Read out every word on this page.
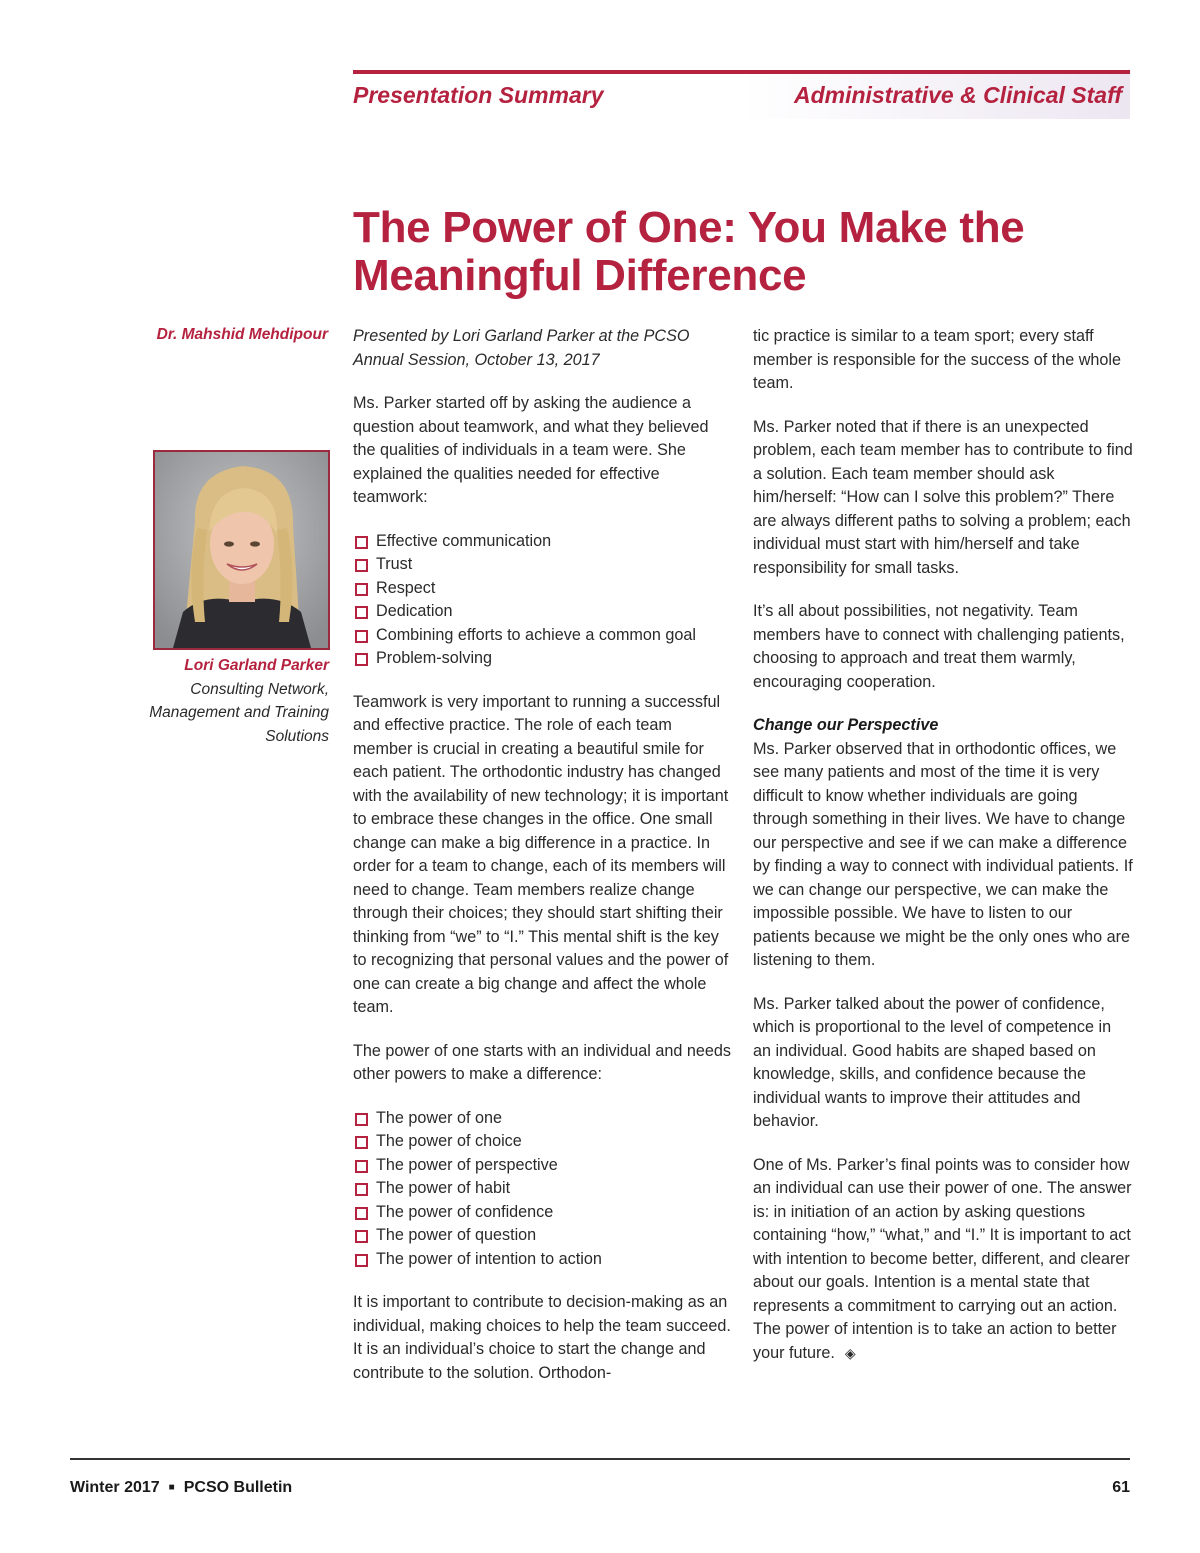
Presentation Summary	Administrative & Clinical Staff
The Power of One: You Make the
Meaningful Difference
Dr. Mahshid Mehdipour
Lori Garland Parker
Consulting Network,
Management and Training
Solutions

Presented by Lori Garland Parker at the PCSO
Annual Session, October 13, 2017

Ms. Parker started off by asking the audience a question about teamwork, and what they believed the qualities of individuals in a team were. She explained the qualities needed for effective teamwork:

Effective communication
Trust
Respect
Dedication
Combining efforts to achieve a common goal
Problem-solving

Teamwork is very important to running a successful and effective practice. The role of each team member is crucial in creating a beautiful smile for each patient. The orthodontic industry has changed with the availability of new technology; it is important to embrace these changes in the office. One small change can make a big difference in a practice. In order for a team to change, each of its members will need to change. Team members realize change through their choices; they should start shifting their thinking from “we” to “I.” This mental shift is the key to recognizing that personal values and the power of one can create a big change and affect the whole team.

The power of one starts with an individual and needs other powers to make a difference:

The power of one
The power of choice
The power of perspective
The power of habit
The power of confidence
The power of question
The power of intention to action

It is important to contribute to decision-making as an individual, making choices to help the team succeed. It is an individual’s choice to start the change and contribute to the solution. Orthodon-

tic practice is similar to a team sport; every staff member is responsible for the success of the whole team.

Ms. Parker noted that if there is an unexpected problem, each team member has to contribute to find a solution. Each team member should ask him/herself: “How can I solve this problem?” There are always different paths to solving a problem; each individual must start with him/herself and take responsibility for small tasks.

It’s all about possibilities, not negativity. Team members have to connect with challenging patients, choosing to approach and treat them warmly, encouraging cooperation.

Change our Perspective

Ms. Parker observed that in orthodontic offices, we see many patients and most of the time it is very difficult to know whether individuals are going through something in their lives. We have to change our perspective and see if we can make a difference by finding a way to connect with individual patients. If we can change our perspective, we can make the impossible possible. We have to listen to our patients because we might be the only ones who are listening to them.

Ms. Parker talked about the power of confidence, which is proportional to the level of competence in an individual. Good habits are shaped based on knowledge, skills, and confidence because the individual wants to improve their attitudes and behavior.

One of Ms. Parker’s final points was to consider how an individual can use their power of one. The answer is: in initiation of an action by asking questions containing “how,” “what,” and “I.” It is important to act with intention to become better, different, and clearer about our goals. Intention is a mental state that represents a commitment to carrying out an action. The power of intention is to take an action to better your future. ◈

Winter 2017 ■ PCSO Bulletin	61
